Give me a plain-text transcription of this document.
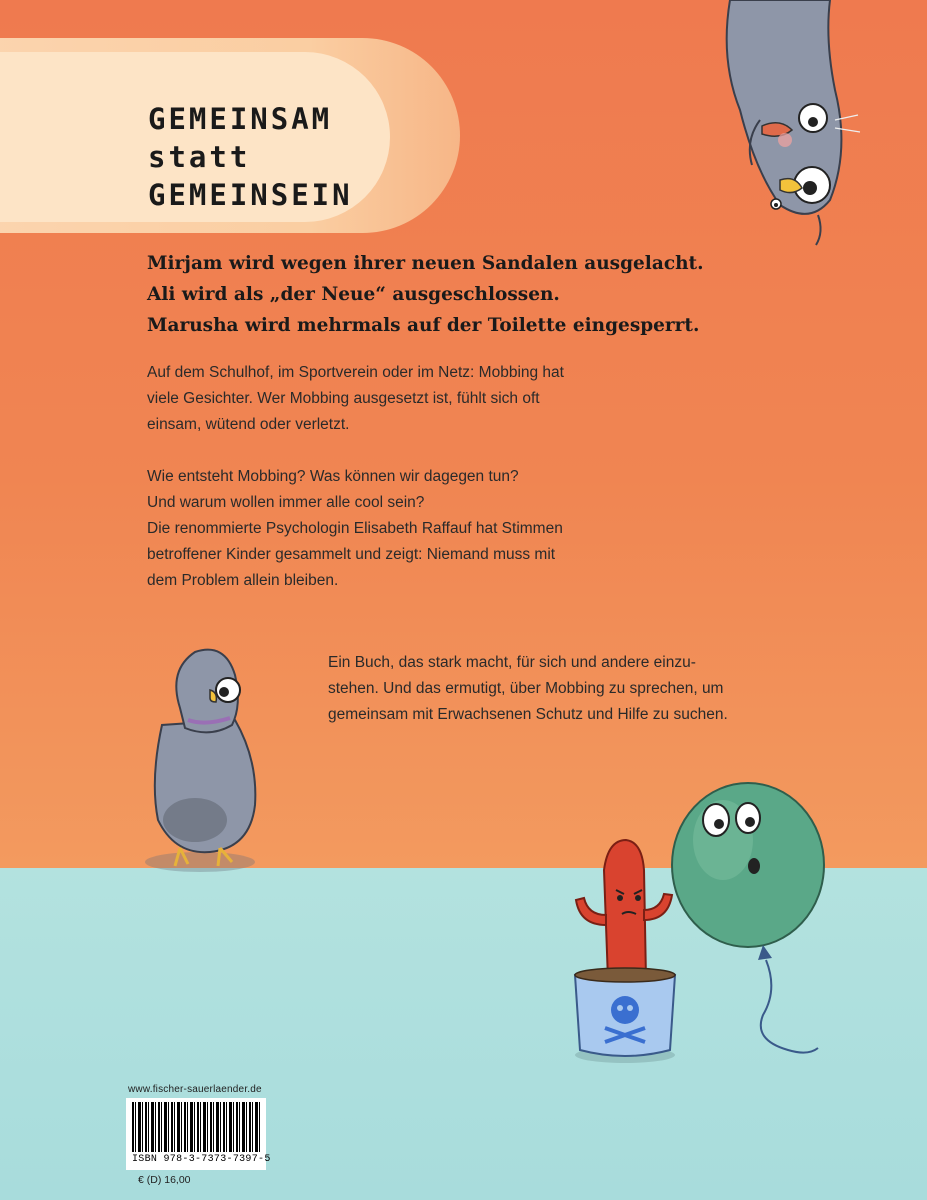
GEMEINSAM
statt
GEMEINSEIN

Mirjam wird wegen ihrer neuen Sandalen ausgelacht.
Ali wird als „der Neue“ ausgeschlossen.
Marusha wird mehrmals auf der Toilette eingesperrt.

Auf dem Schulhof, im Sportverein oder im Netz: Mobbing hat
viele Gesichter. Wer Mobbing ausgesetzt ist, fühlt sich oft
einsam, wütend oder verletzt.

Wie entsteht Mobbing? Was können wir dagegen tun?
Und warum wollen immer alle cool sein?
Die renommierte Psychologin Elisabeth Raffauf hat Stimmen
betroffener Kinder gesammelt und zeigt: Niemand muss mit
dem Problem allein bleiben.

Ein Buch, das stark macht, für sich und andere einzu-
stehen. Und das ermutigt, über Mobbing zu sprechen, um
gemeinsam mit Erwachsenen Schutz und Hilfe zu suchen.

www.fischer-sauerlaender.de
ISBN 978-3-7373-7397-5
€ (D) 16,00
